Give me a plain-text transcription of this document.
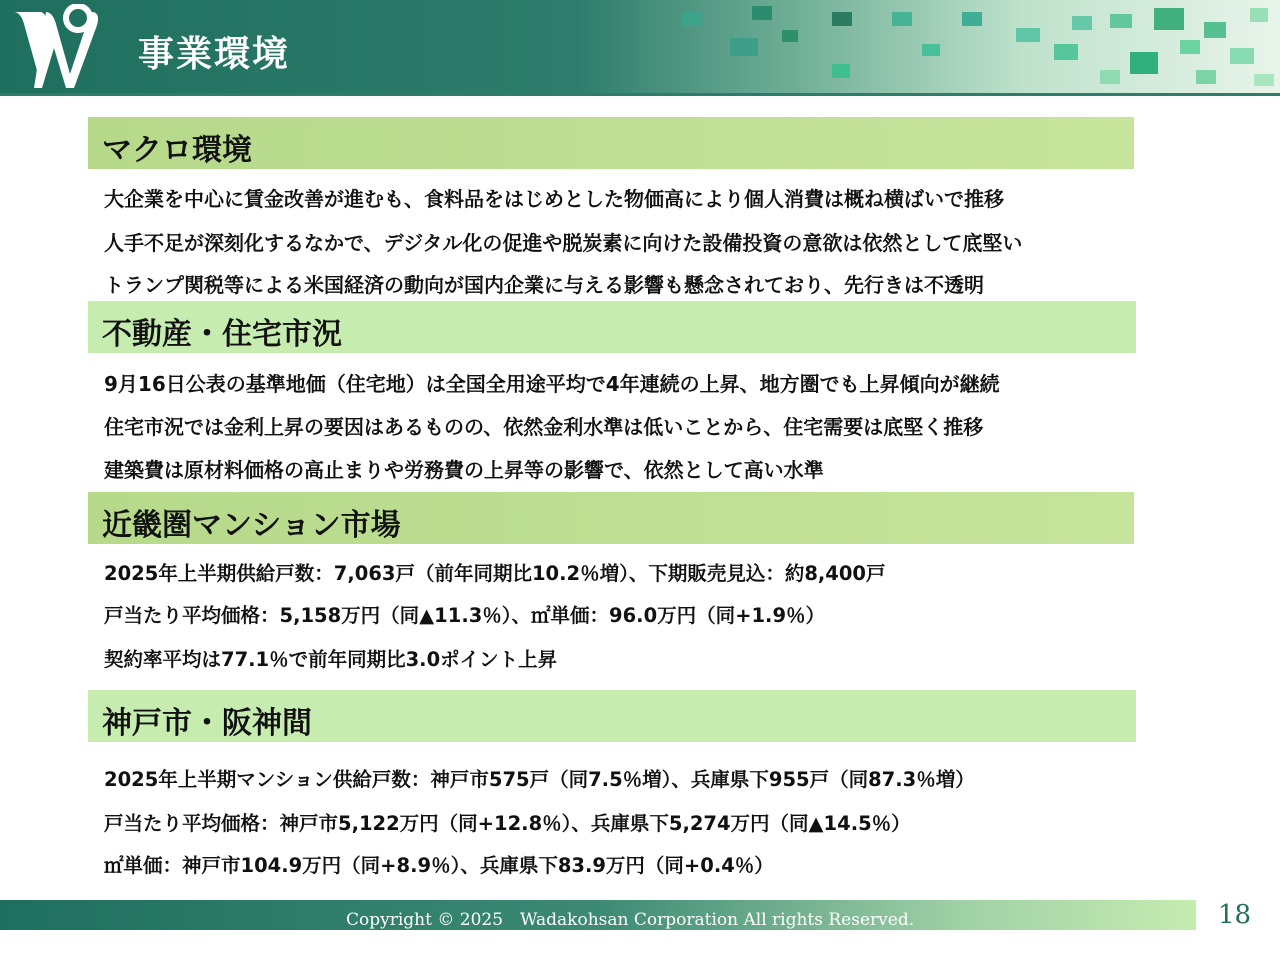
事業環境
マクロ環境
大企業を中心に賃金改善が進むも、食料品をはじめとした物価高により個人消費は概ね横ばいで推移
人手不足が深刻化するなかで、デジタル化の促進や脱炭素に向けた設備投資の意欲は依然として底堅い
トランプ関税等による米国経済の動向が国内企業に与える影響も懸念されており、先行きは不透明
不動産・住宅市況
9月16日公表の基準地価（住宅地）は全国全用途平均で4年連続の上昇、地方圏でも上昇傾向が継続
住宅市況では金利上昇の要因はあるものの、依然金利水準は低いことから、住宅需要は底堅く推移
建築費は原材料価格の高止まりや労務費の上昇等の影響で、依然として高い水準
近畿圏マンション市場
2025年上半期供給戸数：7,063戸（前年同期比10.2％増）、下期販売見込：約8,400戸
戸当たり平均価格：5,158万円（同▲11.3％）、㎡単価：96.0万円（同+1.9％）
契約率平均は77.1％で前年同期比3.0ポイント上昇
神戸市・阪神間
2025年上半期マンション供給戸数：神戸市575戸（同7.5％増）、兵庫県下955戸（同87.3％増）
戸当たり平均価格：神戸市5,122万円（同+12.8％）、兵庫県下5,274万円（同▲14.5％）
㎡単価：神戸市104.9万円（同+8.9％）、兵庫県下83.9万円（同+0.4％）
Copyright © 2025　Wadakohsan Corporation All rights Reserved.	18
